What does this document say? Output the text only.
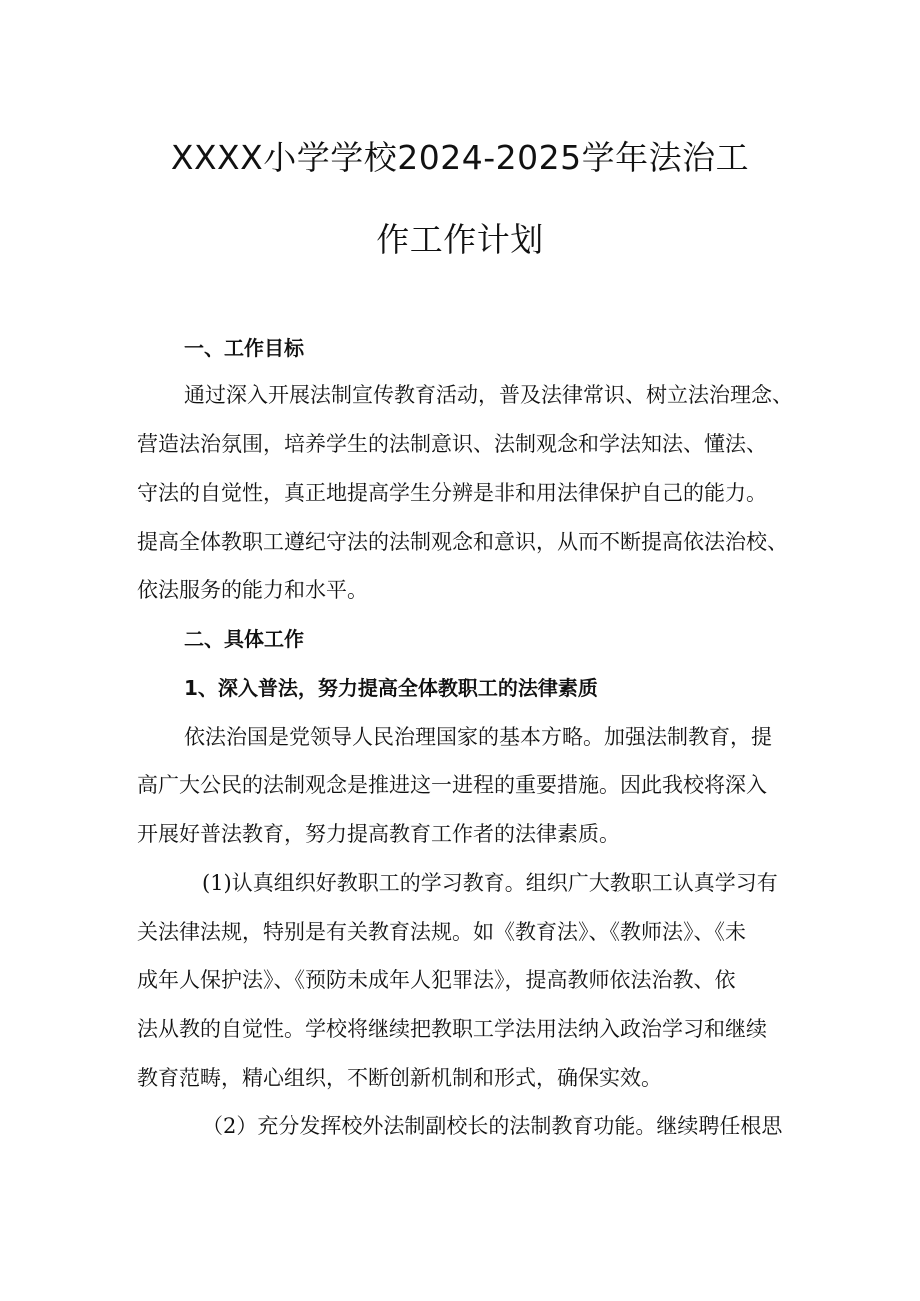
XXXX小学学校2024-2025学年法治工
作工作计划

一、工作目标

通过深入开展法制宣传教育活动，普及法律常识、树立法治理念、

营造法治氛围，培养学生的法制意识、法制观念和学法知法、懂法、

守法的自觉性，真正地提高学生分辨是非和用法律保护自己的能力。

提高全体教职工遵纪守法的法制观念和意识，从而不断提高依法治校、

依法服务的能力和水平。

二、具体工作

1、深入普法，努力提高全体教职工的法律素质

依法治国是党领导人民治理国家的基本方略。加强法制教育，提

高广大公民的法制观念是推进这一进程的重要措施。因此我校将深入

开展好普法教育，努力提高教育工作者的法律素质。

(1)认真组织好教职工的学习教育。组织广大教职工认真学习有

关法律法规，特别是有关教育法规。如《教育法》、《教师法》、《未

成年人保护法》、《预防未成年人犯罪法》，提高教师依法治教、依

法从教的自觉性。学校将继续把教职工学法用法纳入政治学习和继续

教育范畴，精心组织，不断创新机制和形式，确保实效。

（2）充分发挥校外法制副校长的法制教育功能。继续聘任根思
